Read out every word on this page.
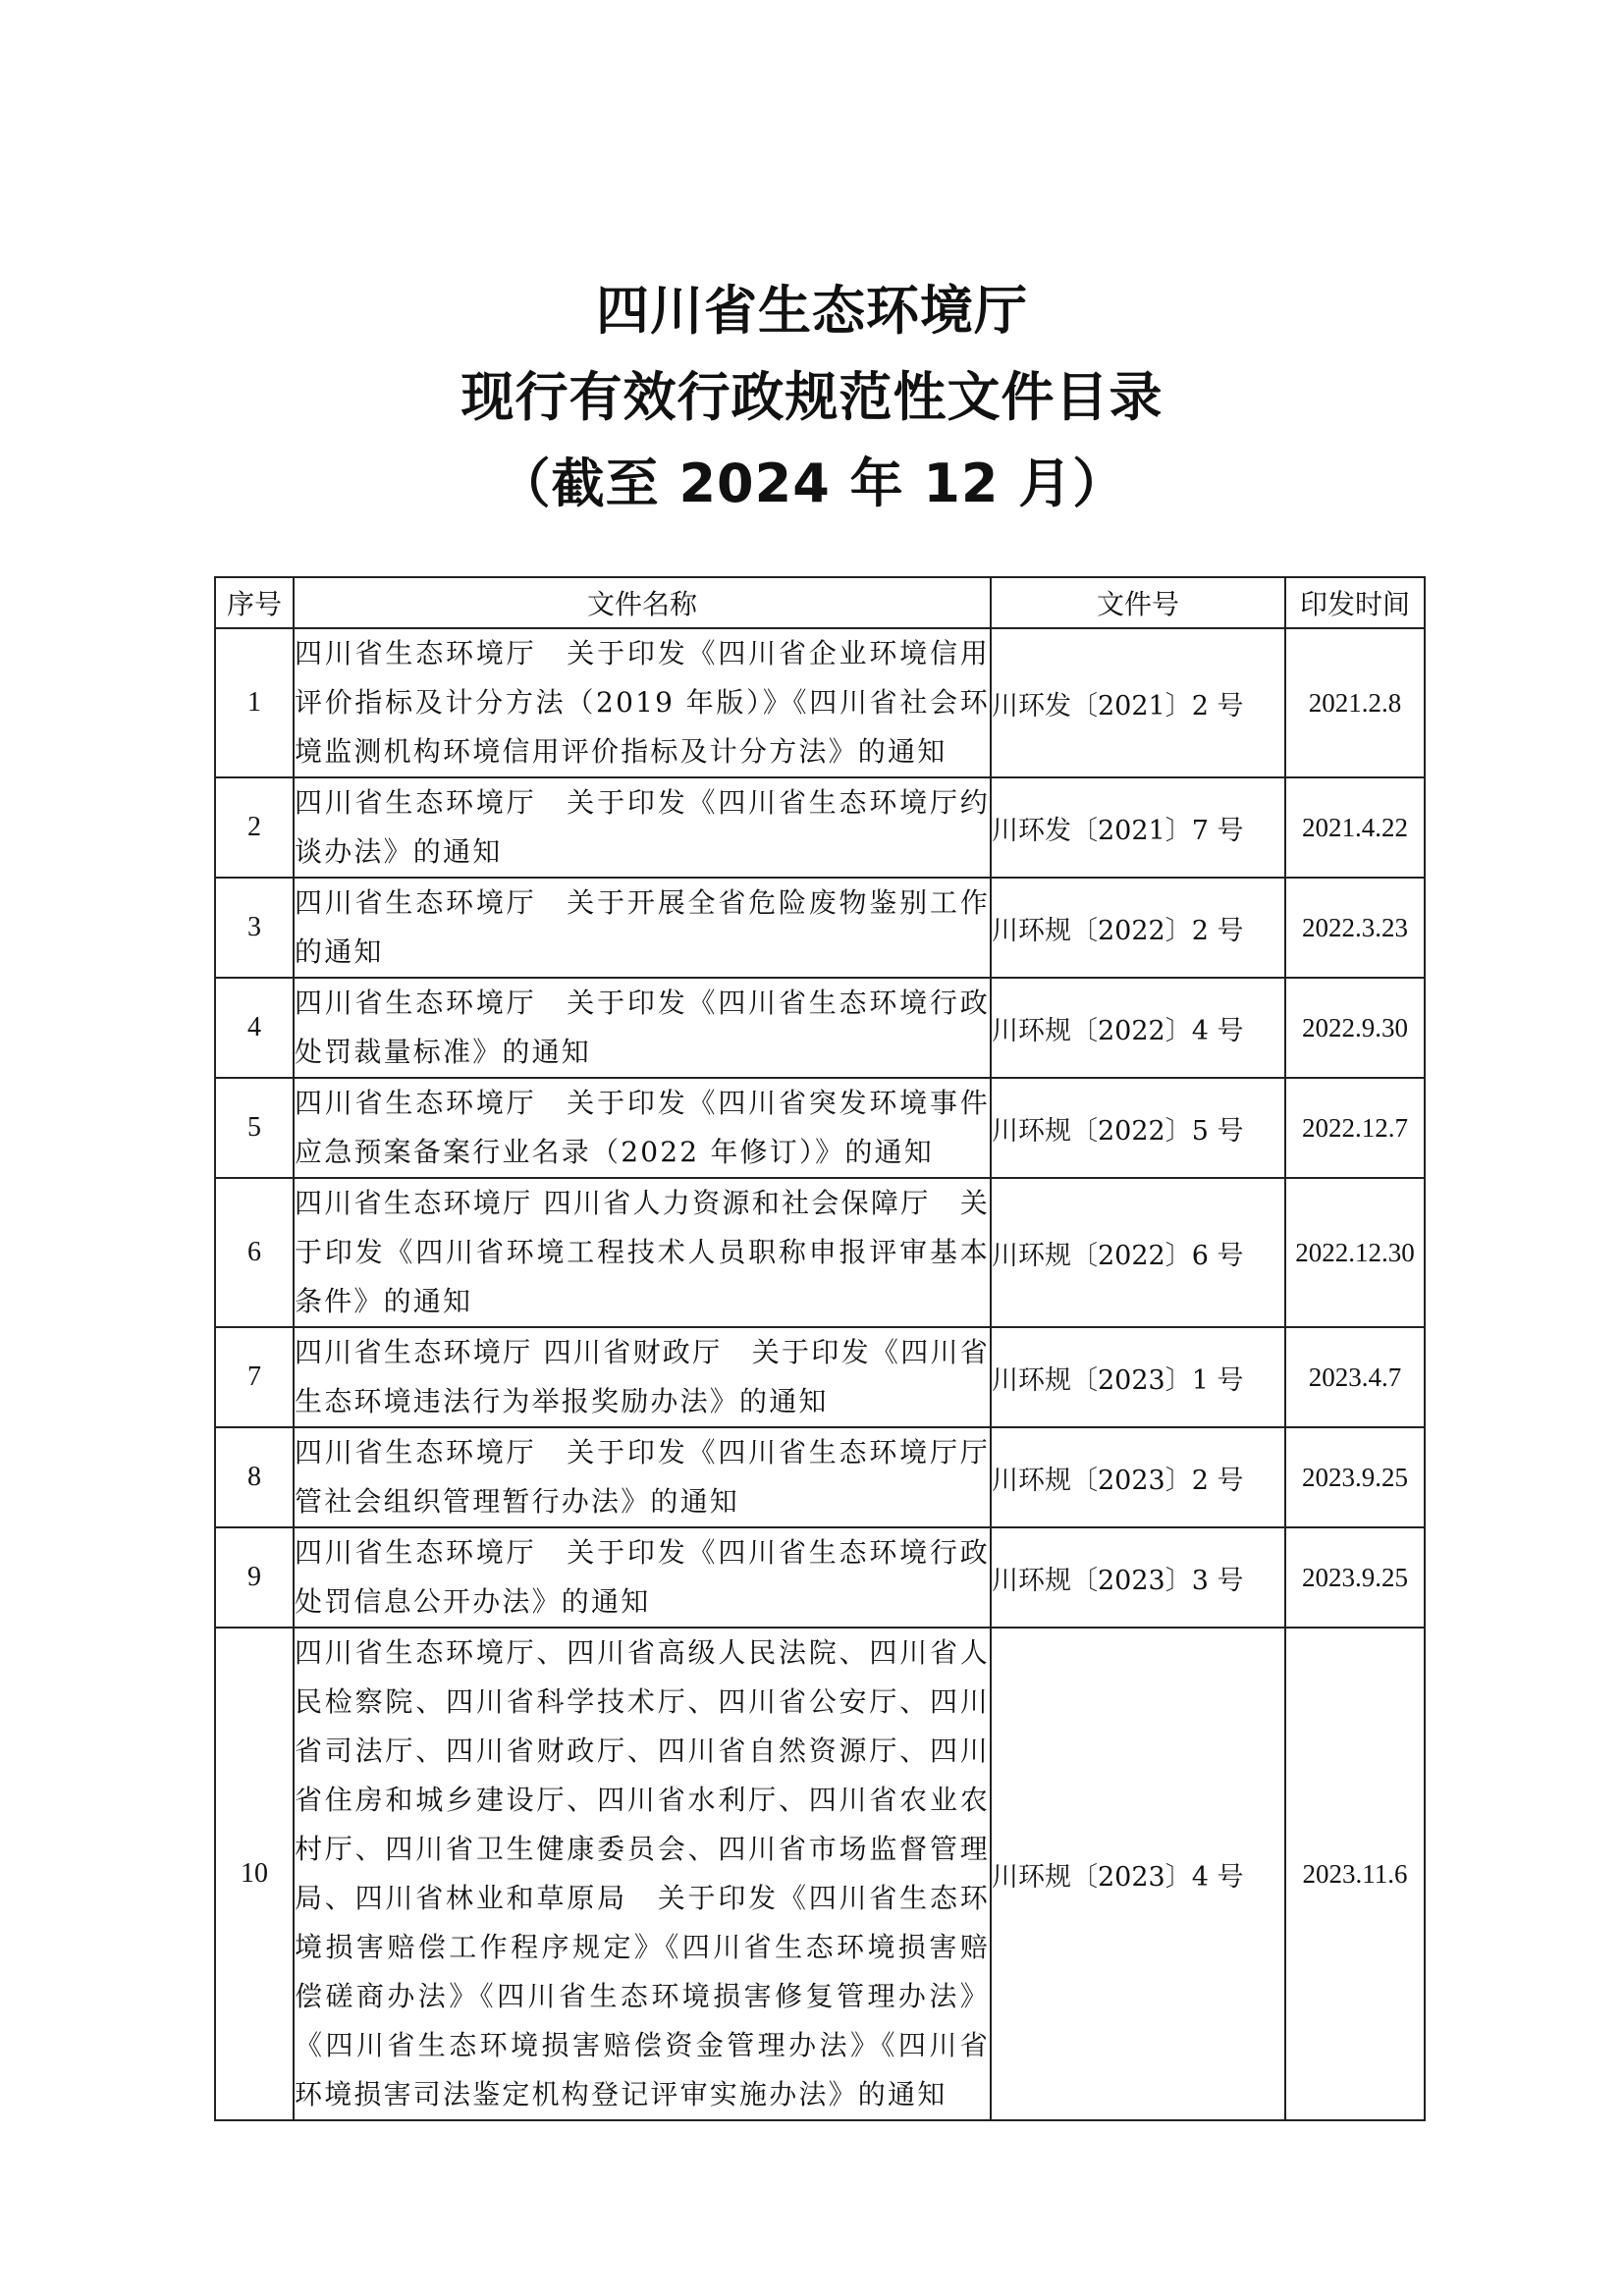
四川省生态环境厅
现行有效行政规范性文件目录
（截至 2024 年 12 月）
序号	文件名称	文件号	印发时间
1	四川省生态环境厅　关于印发《四川省企业环境信用评价指标及计分方法（2019 年版）》《四川省社会环境监测机构环境信用评价指标及计分方法》的通知	川环发〔2021〕2 号	2021.2.8
2	四川省生态环境厅　关于印发《四川省生态环境厅约谈办法》的通知	川环发〔2021〕7 号	2021.4.22
3	四川省生态环境厅　关于开展全省危险废物鉴别工作的通知	川环规〔2022〕2 号	2022.3.23
4	四川省生态环境厅　关于印发《四川省生态环境行政处罚裁量标准》的通知	川环规〔2022〕4 号	2022.9.30
5	四川省生态环境厅　关于印发《四川省突发环境事件应急预案备案行业名录（2022 年修订）》的通知	川环规〔2022〕5 号	2022.12.7
6	四川省生态环境厅 四川省人力资源和社会保障厅　关于印发《四川省环境工程技术人员职称申报评审基本条件》的通知	川环规〔2022〕6 号	2022.12.30
7	四川省生态环境厅 四川省财政厅　关于印发《四川省生态环境违法行为举报奖励办法》的通知	川环规〔2023〕1 号	2023.4.7
8	四川省生态环境厅　关于印发《四川省生态环境厅厅管社会组织管理暂行办法》的通知	川环规〔2023〕2 号	2023.9.25
9	四川省生态环境厅　关于印发《四川省生态环境行政处罚信息公开办法》的通知	川环规〔2023〕3 号	2023.9.25
10	四川省生态环境厅、四川省高级人民法院、四川省人民检察院、四川省科学技术厅、四川省公安厅、四川省司法厅、四川省财政厅、四川省自然资源厅、四川省住房和城乡建设厅、四川省水利厅、四川省农业农村厅、四川省卫生健康委员会、四川省市场监督管理局、四川省林业和草原局　关于印发《四川省生态环境损害赔偿工作程序规定》《四川省生态环境损害赔偿磋商办法》《四川省生态环境损害修复管理办法》《四川省生态环境损害赔偿资金管理办法》《四川省环境损害司法鉴定机构登记评审实施办法》的通知	川环规〔2023〕4 号	2023.11.6
